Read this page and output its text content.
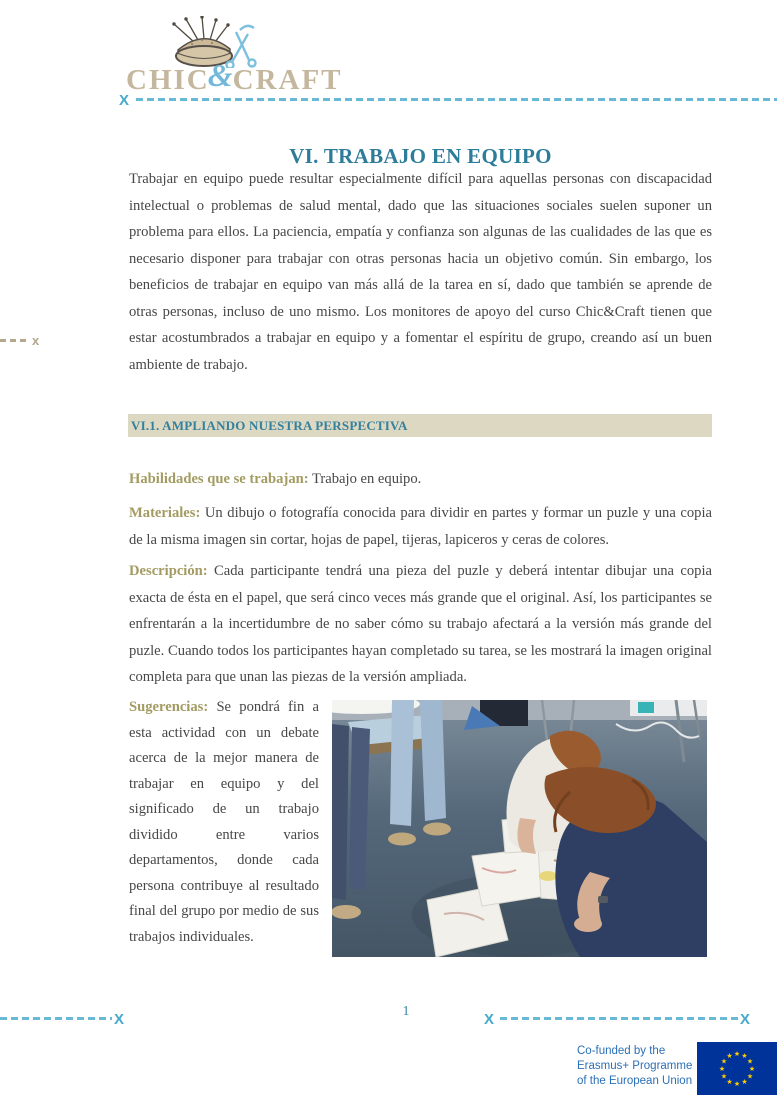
CHIC&CRAFT
X
x
VI. TRABAJO EN EQUIPO

Trabajar en equipo puede resultar especialmente difícil para aquellas personas con discapacidad intelectual o problemas de salud mental, dado que las situaciones sociales suelen suponer un problema para ellos. La paciencia, empatía y confianza son algunas de las cualidades de las que es necesario disponer para trabajar con otras personas hacia un objetivo común. Sin embargo, los beneficios de trabajar en equipo van más allá de la tarea en sí, dado que también se aprende de otras personas, incluso de uno mismo. Los monitores de apoyo del curso Chic&Craft tienen que estar acostumbrados a trabajar en equipo y a fomentar el espíritu de grupo, creando así un buen ambiente de trabajo.

VI.1. AMPLIANDO NUESTRA PERSPECTIVA

Habilidades que se trabajan: Trabajo en equipo.

Materiales: Un dibujo o fotografía conocida para dividir en partes y formar un puzle y una copia de la misma imagen sin cortar, hojas de papel, tijeras, lapiceros y ceras de colores.

Descripción: Cada participante tendrá una pieza del puzle y deberá intentar dibujar una copia exacta de ésta en el papel, que será cinco veces más grande que el original. Así, los participantes se enfrentarán a la incertidumbre de no saber cómo su trabajo afectará a la versión más grande del puzle. Cuando todos los participantes hayan completado su tarea, se les mostrará la imagen original completa para que unan las piezas de la versión ampliada.

Sugerencias: Se pondrá fin a esta actividad con un debate acerca de la mejor manera de trabajar en equipo y del significado de un trabajo dividido entre varios departamentos, donde cada persona contribuye al resultado final del grupo por medio de sus trabajos individuales.

X	1	X	X
Co-funded by the
Erasmus+ Programme
of the European Union
★ ★
★
★
★
★
★
★
★
★
★
★
